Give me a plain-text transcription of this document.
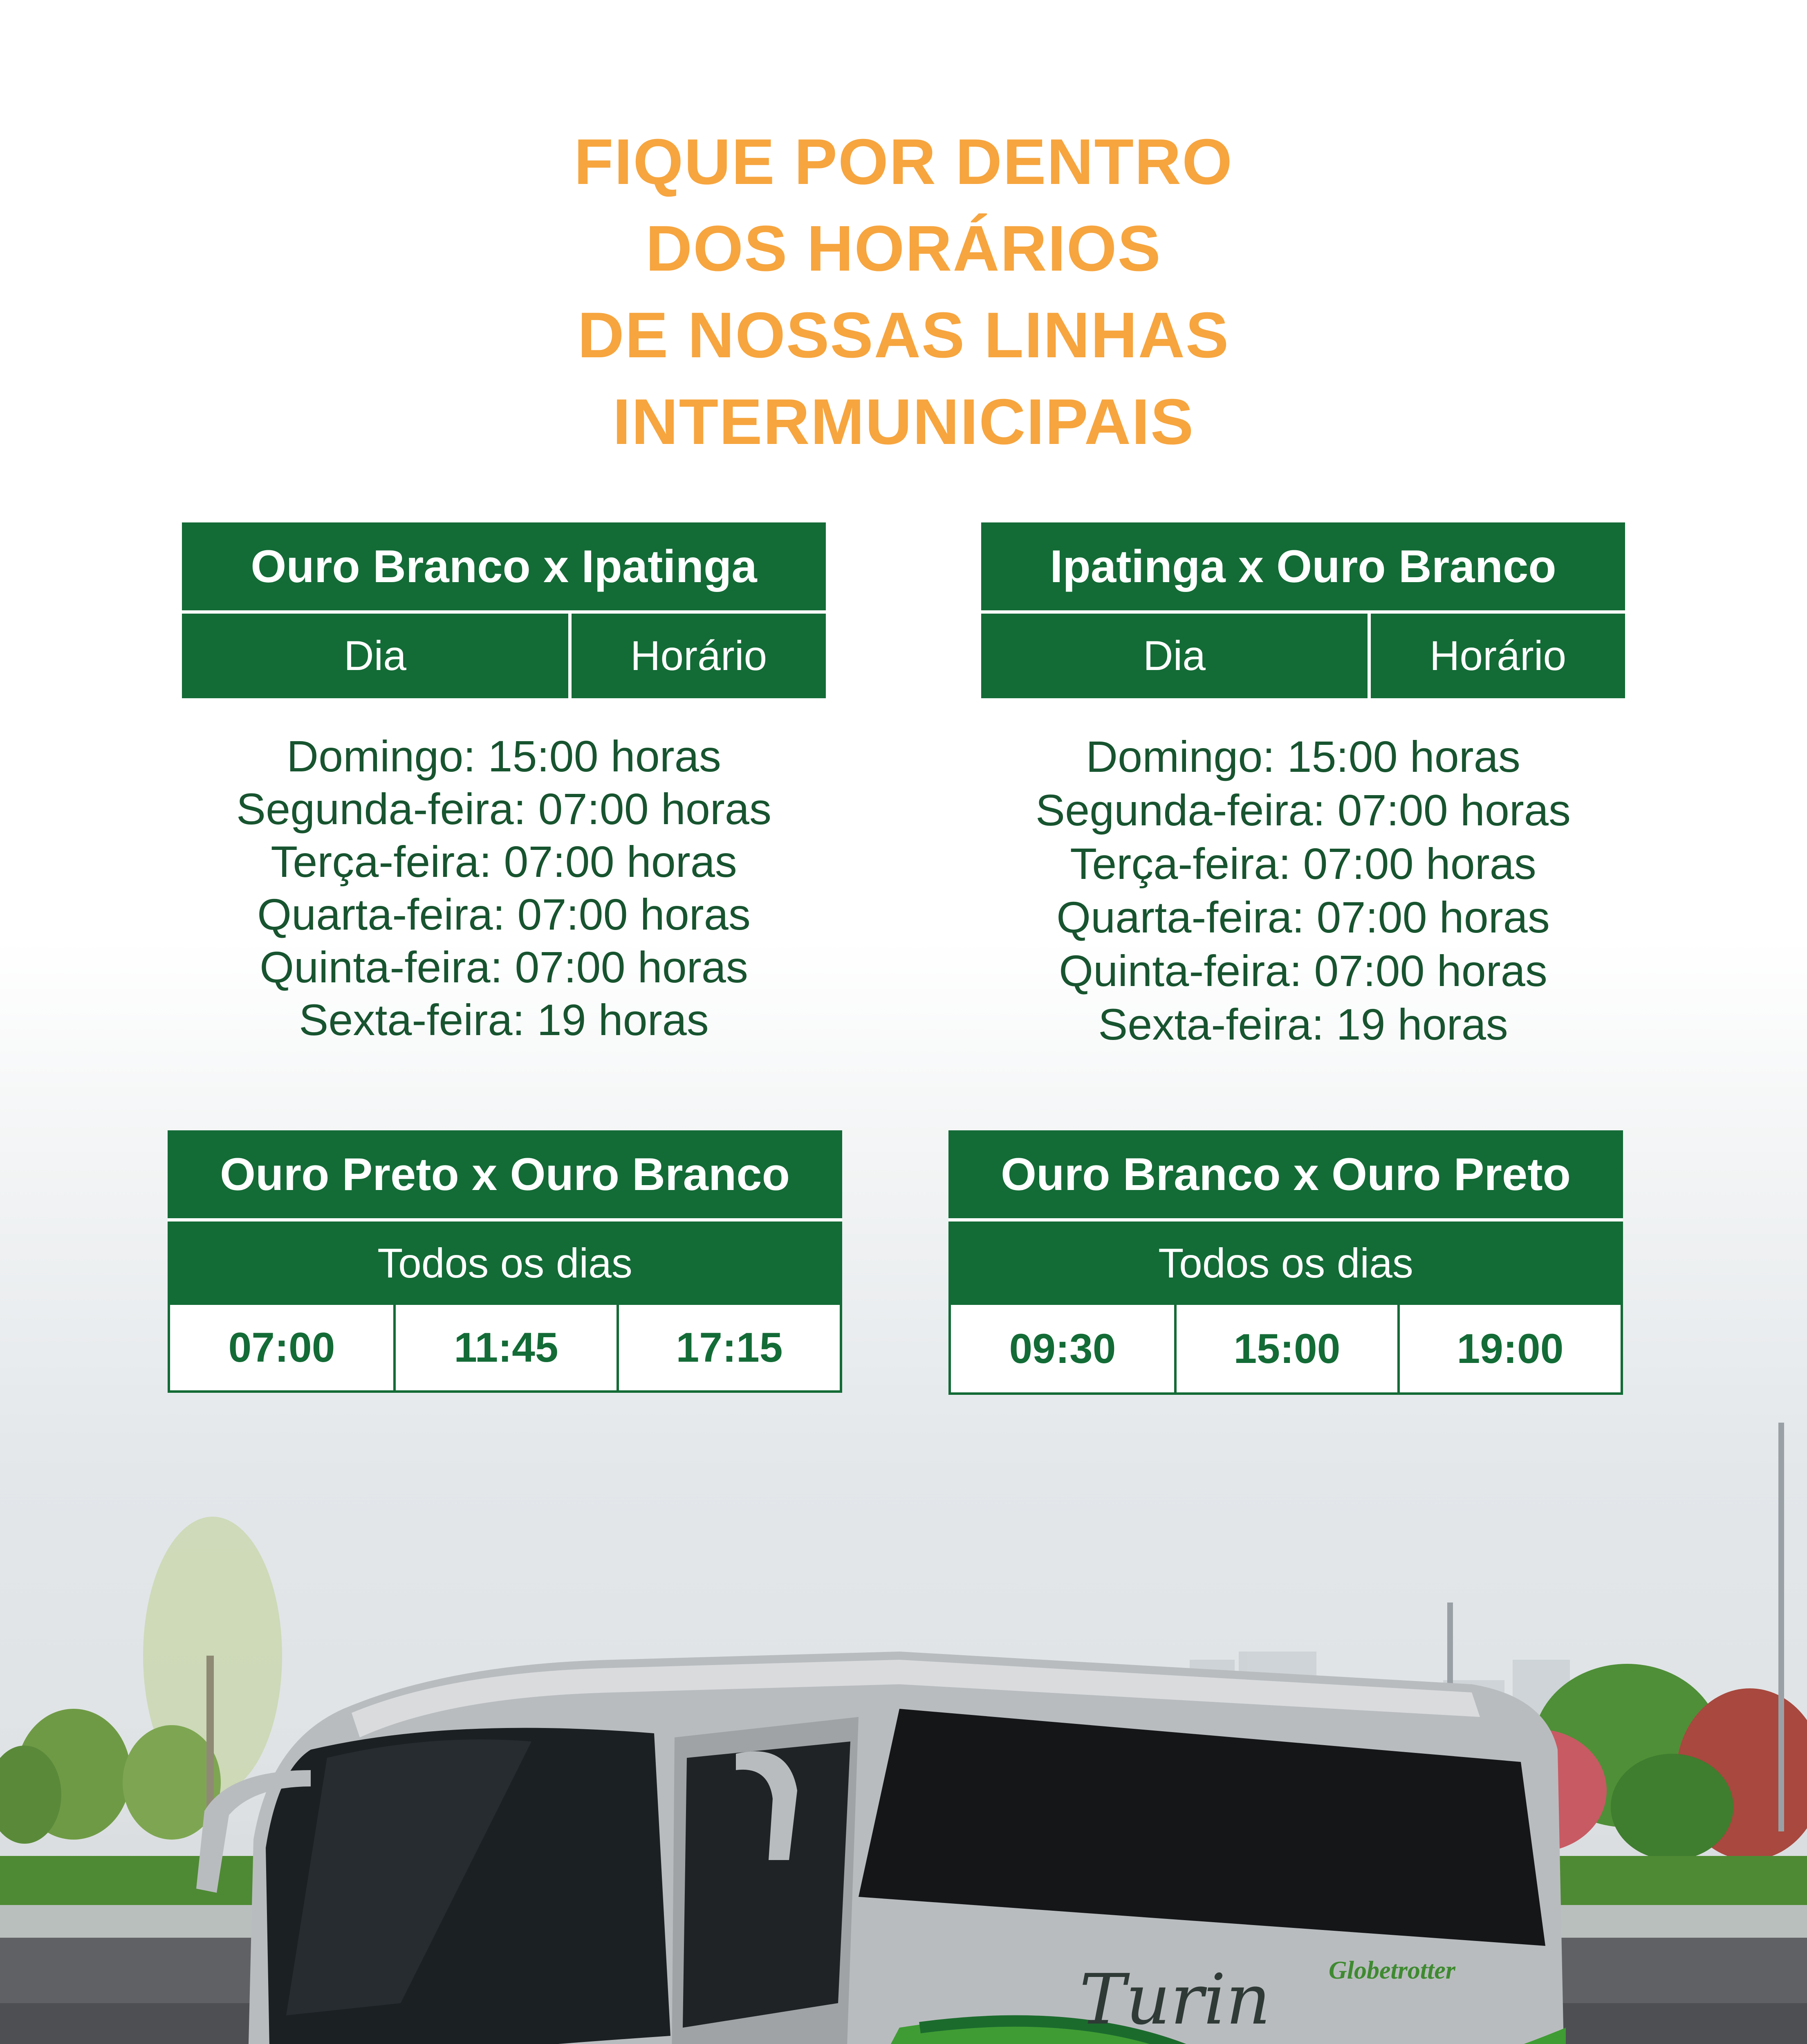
Turin Globetrotter
FIQUE POR DENTRO
DOS HORÁRIOS
DE NOSSAS LINHAS
INTERMUNICIPAIS
Ouro Branco x Ipatinga
Dia	Horário
Domingo: 15:00 horas
Segunda-feira: 07:00 horas
Terça-feira: 07:00 horas
Quarta-feira: 07:00 horas
Quinta-feira: 07:00 horas
Sexta-feira: 19 horas
Ipatinga x Ouro Branco
Dia	Horário
Domingo: 15:00 horas
Segunda-feira: 07:00 horas
Terça-feira: 07:00 horas
Quarta-feira: 07:00 horas
Quinta-feira: 07:00 horas
Sexta-feira: 19 horas
Ouro Preto x Ouro Branco
Todos os dias
07:00	11:45	17:15
Ouro Branco x Ouro Preto
Todos os dias
09:30	15:00	19:00
